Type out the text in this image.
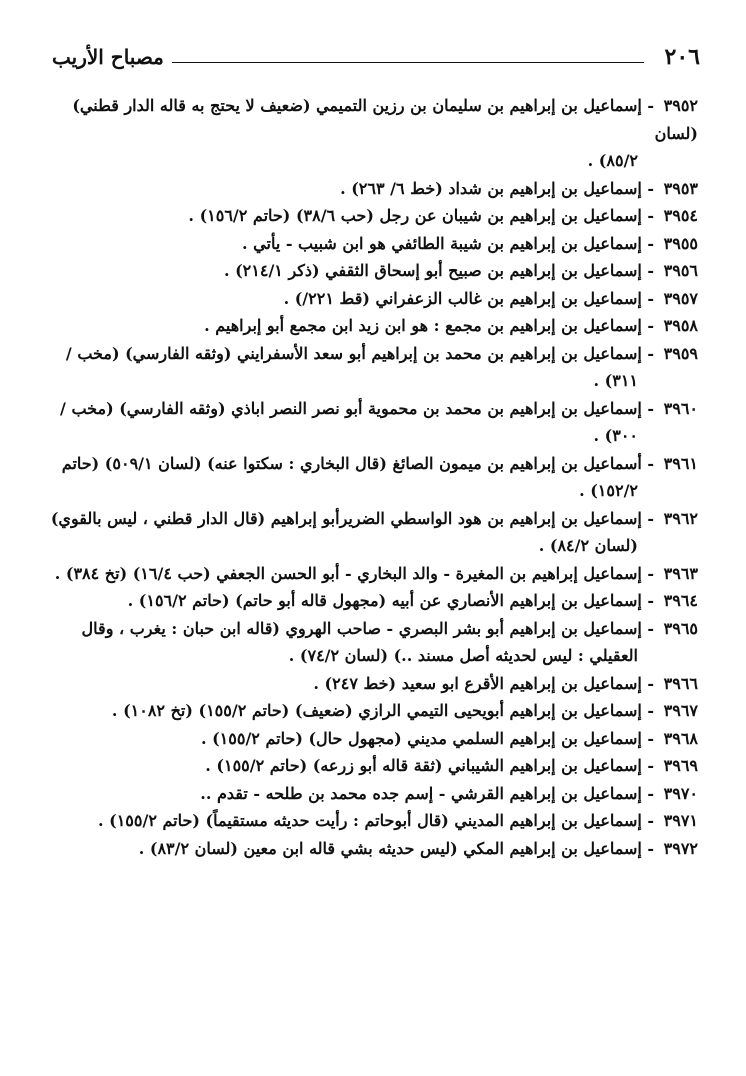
٢٠٦
مصباح الأريب

٣٩٥٢ - إسماعيل بن إبراهيم بن سليمان بن رزين التميمي (ضعيف لا يحتج به قاله الدار قطني) (لسان
٨٥/٢) .

٣٩٥٣ - إسماعيل بن إبراهيم بن شداد (خط ٦/ ٢٦٣) .

٣٩٥٤ - إسماعيل بن إبراهيم بن شيبان عن رجل (حب ٣٨/٦) (حاتم ١٥٦/٢) .

٣٩٥٥ - إسماعيل بن إبراهيم بن شيبة الطائفي هو ابن شبيب - يأتي .

٣٩٥٦ - إسماعيل بن إبراهيم بن صبيح أبو إسحاق الثقفي (ذكر ٢١٤/١) .

٣٩٥٧ - إسماعيل بن إبراهيم بن غالب الزعفراني (قط ٢٢١/) .

٣٩٥٨ - إسماعيل بن إبراهيم بن مجمع : هو ابن زيد ابن مجمع أبو إبراهيم .

٣٩٥٩ - إسماعيل بن إبراهيم بن محمد بن إبراهيم أبو سعد الأسفرايني (وثقه الفارسي) (مخب /
٣١١) .

٣٩٦٠ - إسماعيل بن إبراهيم بن محمد بن محموية أبو نصر النصر اباذي (وثقه الفارسي) (مخب /
٣٠٠) .

٣٩٦١ - أسماعيل بن إبراهيم بن ميمون الصائغ (قال البخاري : سكتوا عنه) (لسان ٥٠٩/١) (حاتم
١٥٢/٢) .

٣٩٦٢ - إسماعيل بن إبراهيم بن هود الواسطي الضريرأبو إبراهيم (قال الدار قطني ، ليس بالقوي)
(لسان ٨٤/٢) .

٣٩٦٣ - إسماعيل إبراهيم بن المغيرة - والد البخاري - أبو الحسن الجعفي (حب ١٦/٤) (تخ ٣٨٤) .

٣٩٦٤ - إسماعيل بن إبراهيم الأنصاري عن أبيه (مجهول قاله أبو حاتم) (حاتم ١٥٦/٢) .

٣٩٦٥ - إسماعيل بن إبراهيم أبو بشر البصري - صاحب الهروي (قاله ابن حبان : يغرب ، وقال
العقيلي : ليس لحديثه أصل مسند ..) (لسان ٧٤/٢) .

٣٩٦٦ - إسماعيل بن إبراهيم الأقرع ابو سعيد (خط ٢٤٧) .

٣٩٦٧ - إسماعيل بن إبراهيم أبويحيى التيمي الرازي (ضعيف) (حاتم ١٥٥/٢) (تخ ١٠٨٢) .

٣٩٦٨ - إسماعيل بن إبراهيم السلمي مديني (مجهول حال) (حاتم ١٥٥/٢) .

٣٩٦٩ - إسماعيل بن إبراهيم الشيباني (ثقة قاله أبو زرعه) (حاتم ١٥٥/٢) .

٣٩٧٠ - إسماعيل بن إبراهيم القرشي - إسم جده محمد بن طلحه - تقدم ..

٣٩٧١ - إسماعيل بن إبراهيم المديني (قال أبوحاتم : رأيت حديثه مستقيماً) (حاتم ١٥٥/٢) .

٣٩٧٢ - إسماعيل بن إبراهيم المكي (ليس حديثه بشي قاله ابن معين (لسان ٨٣/٢) .
